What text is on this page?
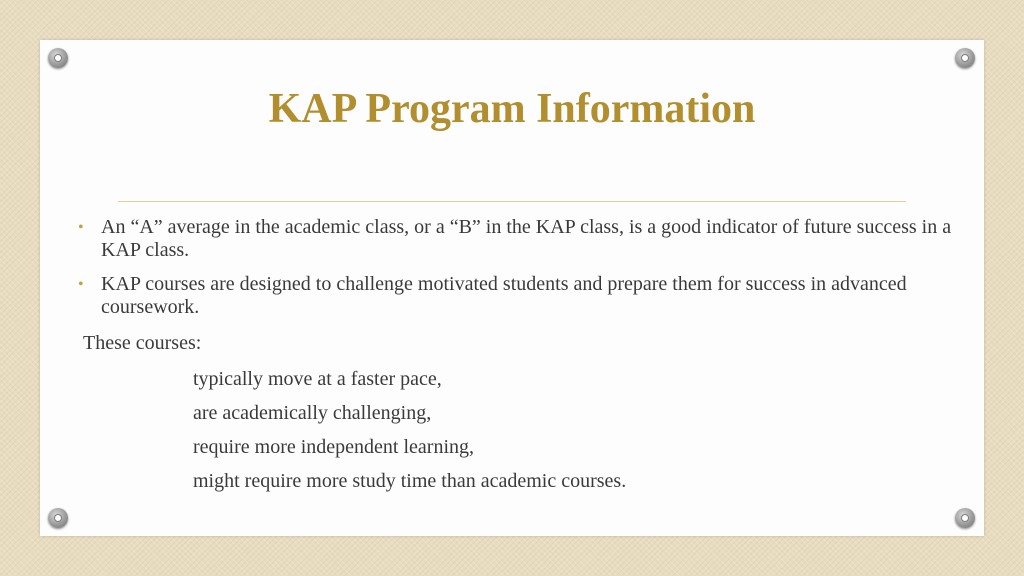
KAP Program Information
• An “A” average in the academic class, or a “B” in the KAP class, is a good indicator of future success in a KAP class.
• KAP courses are designed to challenge motivated students and prepare them for success in advanced coursework.

These courses:

typically move at a faster pace,

are academically challenging,

require more independent learning,

might require more study time than academic courses.
